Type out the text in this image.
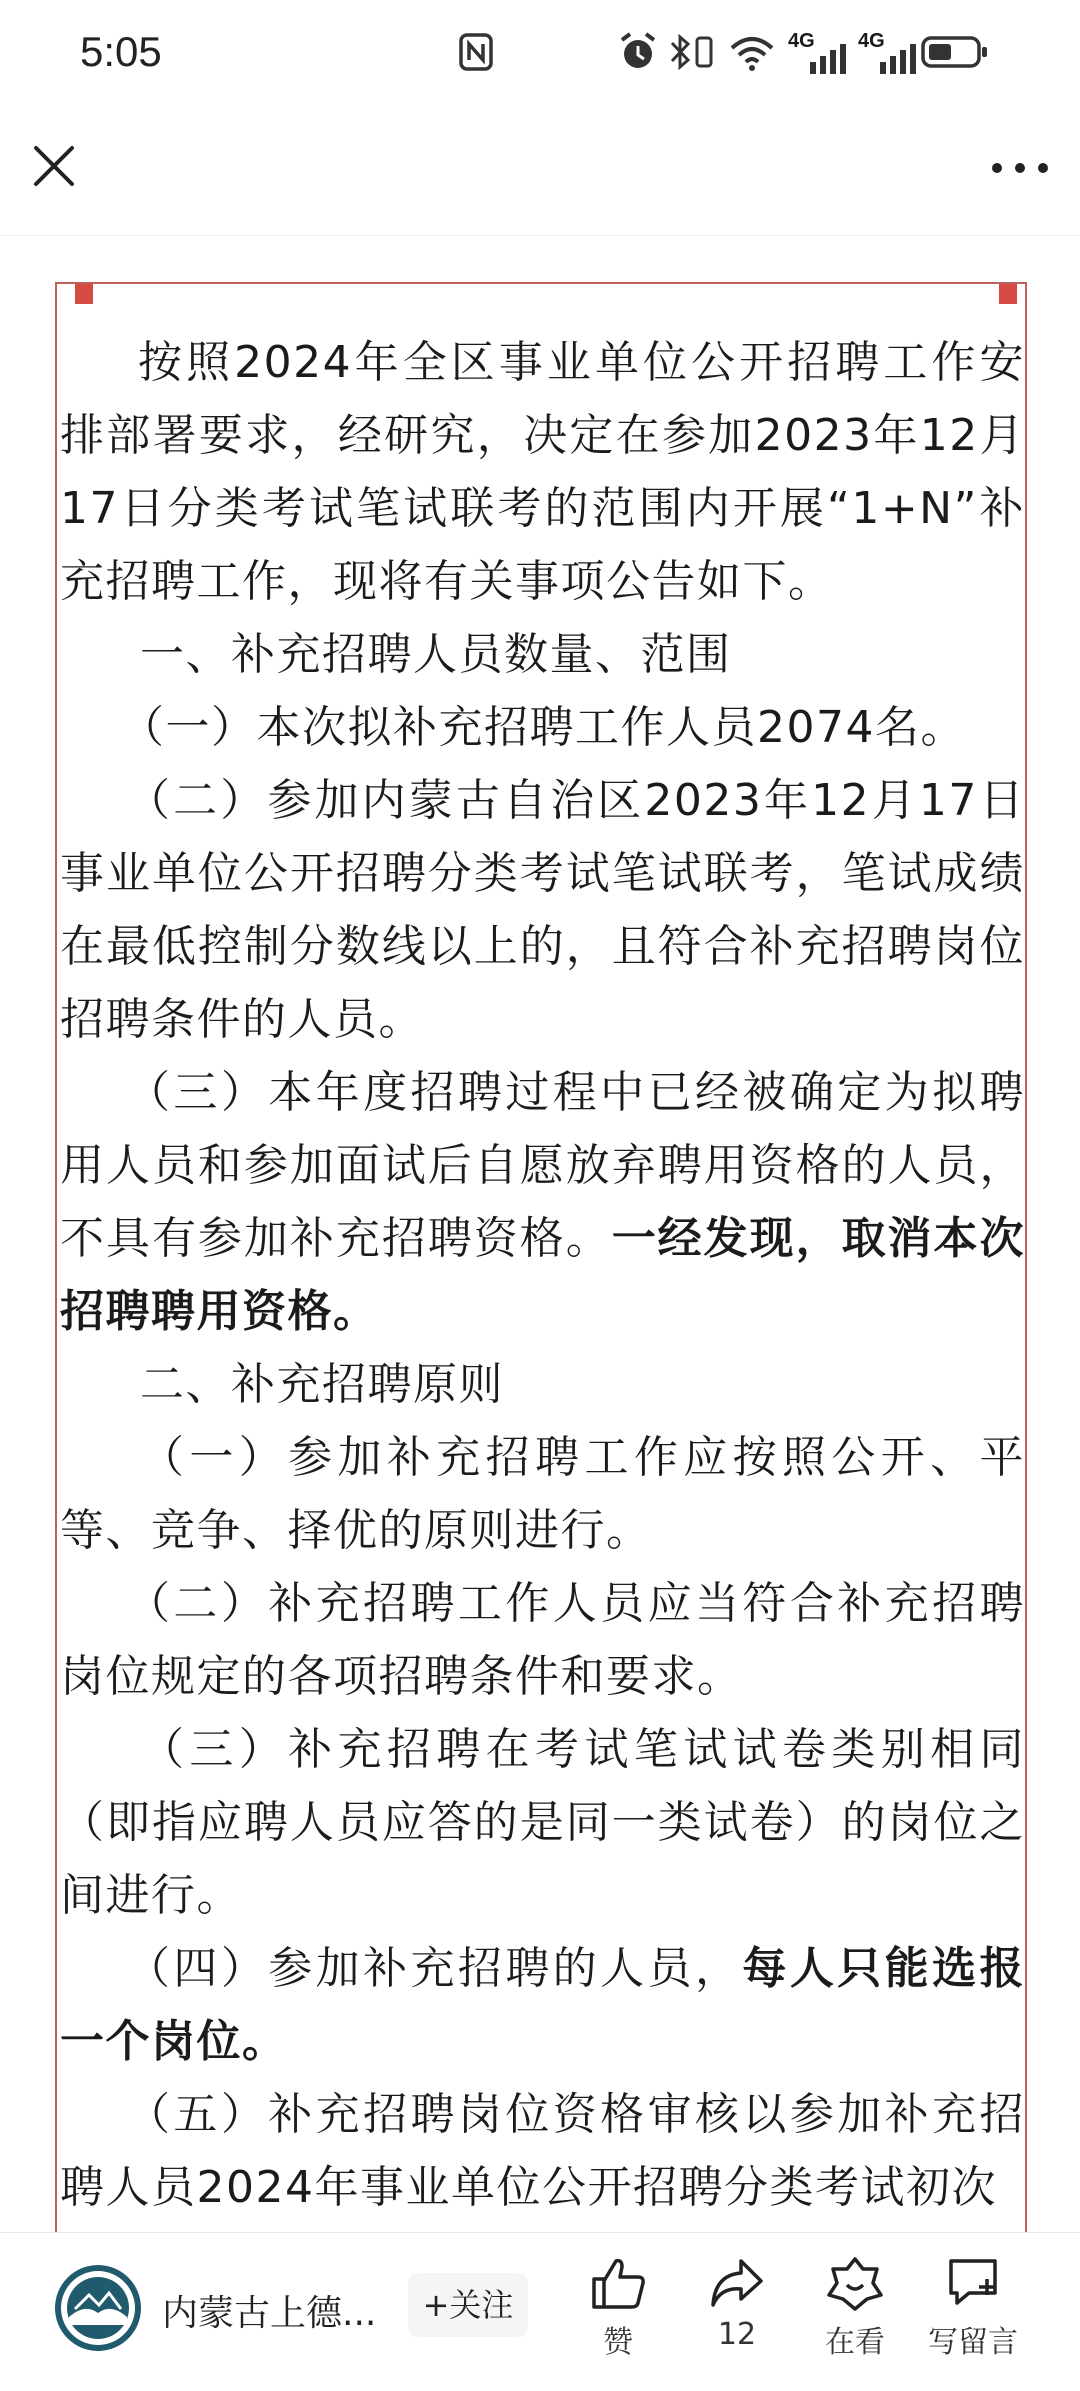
5:05	4G 4G

按照2024年全区事业单位公开招聘工作安排部署要求，经研究，决定在参加2023年12月17日分类考试笔试联考的范围内开展“1+N”补充招聘工作，现将有关事项公告如下。

一、补充招聘人员数量、范围

（一）本次拟补充招聘工作人员2074名。

（二）参加内蒙古自治区2023年12月17日事业单位公开招聘分类考试笔试联考，笔试成绩在最低控制分数线以上的，且符合补充招聘岗位招聘条件的人员。

（三）本年度招聘过程中已经被确定为拟聘用人员和参加面试后自愿放弃聘用资格的人员，不具有参加补充招聘资格。一经发现，取消本次招聘聘用资格。

二、补充招聘原则

（一）参加补充招聘工作应按照公开、平等、竞争、择优的原则进行。

（二）补充招聘工作人员应当符合补充招聘岗位规定的各项招聘条件和要求。

（三）补充招聘在考试笔试试卷类别相同（即指应聘人员应答的是同一类试卷）的岗位之间进行。

（四）参加补充招聘的人员，每人只能选报一个岗位。

（五）补充招聘岗位资格审核以参加补充招聘人员2024年事业单位公开招聘分类考试初次

内蒙古上德...	+关注
赞	12	在看	写留言
